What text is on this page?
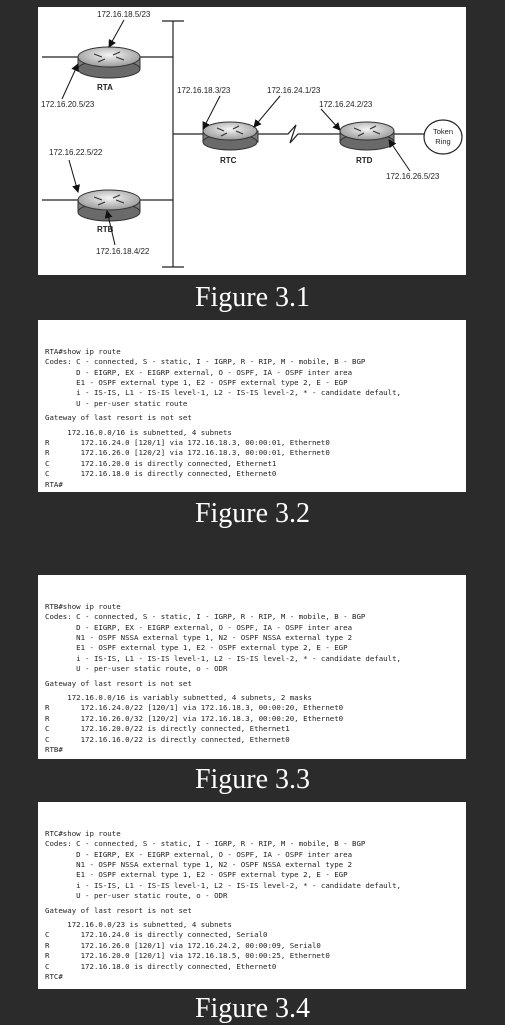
Token
Ring
RTA
RTB
RTC	RTD
172.16.18.5/23
172.16.20.5/23
172.16.22.5/22
172.16.18.4/22
172.16.18.3/23	172.16.24.1/23
172.16.24.2/23
172.16.26.5/23
Figure 3.1

RTA#show ip route
Codes: C - connected, S - static, I - IGRP, R - RIP, M - mobile, B - BGP
D - EIGRP, EX - EIGRP external, O - OSPF, IA - OSPF inter area
E1 - OSPF external type 1, E2 - OSPF external type 2, E - EGP
i - IS-IS, L1 - IS-IS level-1, L2 - IS-IS level-2, * - candidate default,
U - per-user static route
Gateway of last resort is not set
172.16.0.0/16 is subnetted, 4 subnets
R       172.16.24.0 [120/1] via 172.16.18.3, 00:00:01, Ethernet0
R       172.16.26.0 [120/2] via 172.16.18.3, 00:00:01, Ethernet0
C       172.16.20.0 is directly connected, Ethernet1
C       172.16.18.0 is directly connected, Ethernet0
RTA#

Figure 3.2

RTB#show ip route
Codes: C - connected, S - static, I - IGRP, R - RIP, M - mobile, B - BGP
D - EIGRP, EX - EIGRP external, O - OSPF, IA - OSPF inter area
N1 - OSPF NSSA external type 1, N2 - OSPF NSSA external type 2
E1 - OSPF external type 1, E2 - OSPF external type 2, E - EGP
i - IS-IS, L1 - IS-IS level-1, L2 - IS-IS level-2, * - candidate default,
U - per-user static route, o - ODR
Gateway of last resort is not set
172.16.0.0/16 is variably subnetted, 4 subnets, 2 masks
R       172.16.24.0/22 [120/1] via 172.16.18.3, 00:00:20, Ethernet0
R       172.16.26.0/32 [120/2] via 172.16.18.3, 00:00:20, Ethernet0
C       172.16.20.0/22 is directly connected, Ethernet1
C       172.16.16.0/22 is directly connected, Ethernet0
RTB#

Figure 3.3

RTC#show ip route
Codes: C - connected, S - static, I - IGRP, R - RIP, M - mobile, B - BGP
D - EIGRP, EX - EIGRP external, O - OSPF, IA - OSPF inter area
N1 - OSPF NSSA external type 1, N2 - OSPF NSSA external type 2
E1 - OSPF external type 1, E2 - OSPF external type 2, E - EGP
i - IS-IS, L1 - IS-IS level-1, L2 - IS-IS level-2, * - candidate default,
U - per-user static route, o - ODR
Gateway of last resort is not set
172.16.0.0/23 is subnetted, 4 subnets
C       172.16.24.0 is directly connected, Serial0
R       172.16.26.0 [120/1] via 172.16.24.2, 00:00:09, Serial0
R       172.16.20.0 [120/1] via 172.16.18.5, 00:00:25, Ethernet0
C       172.16.18.0 is directly connected, Ethernet0
RTC#

Figure 3.4
